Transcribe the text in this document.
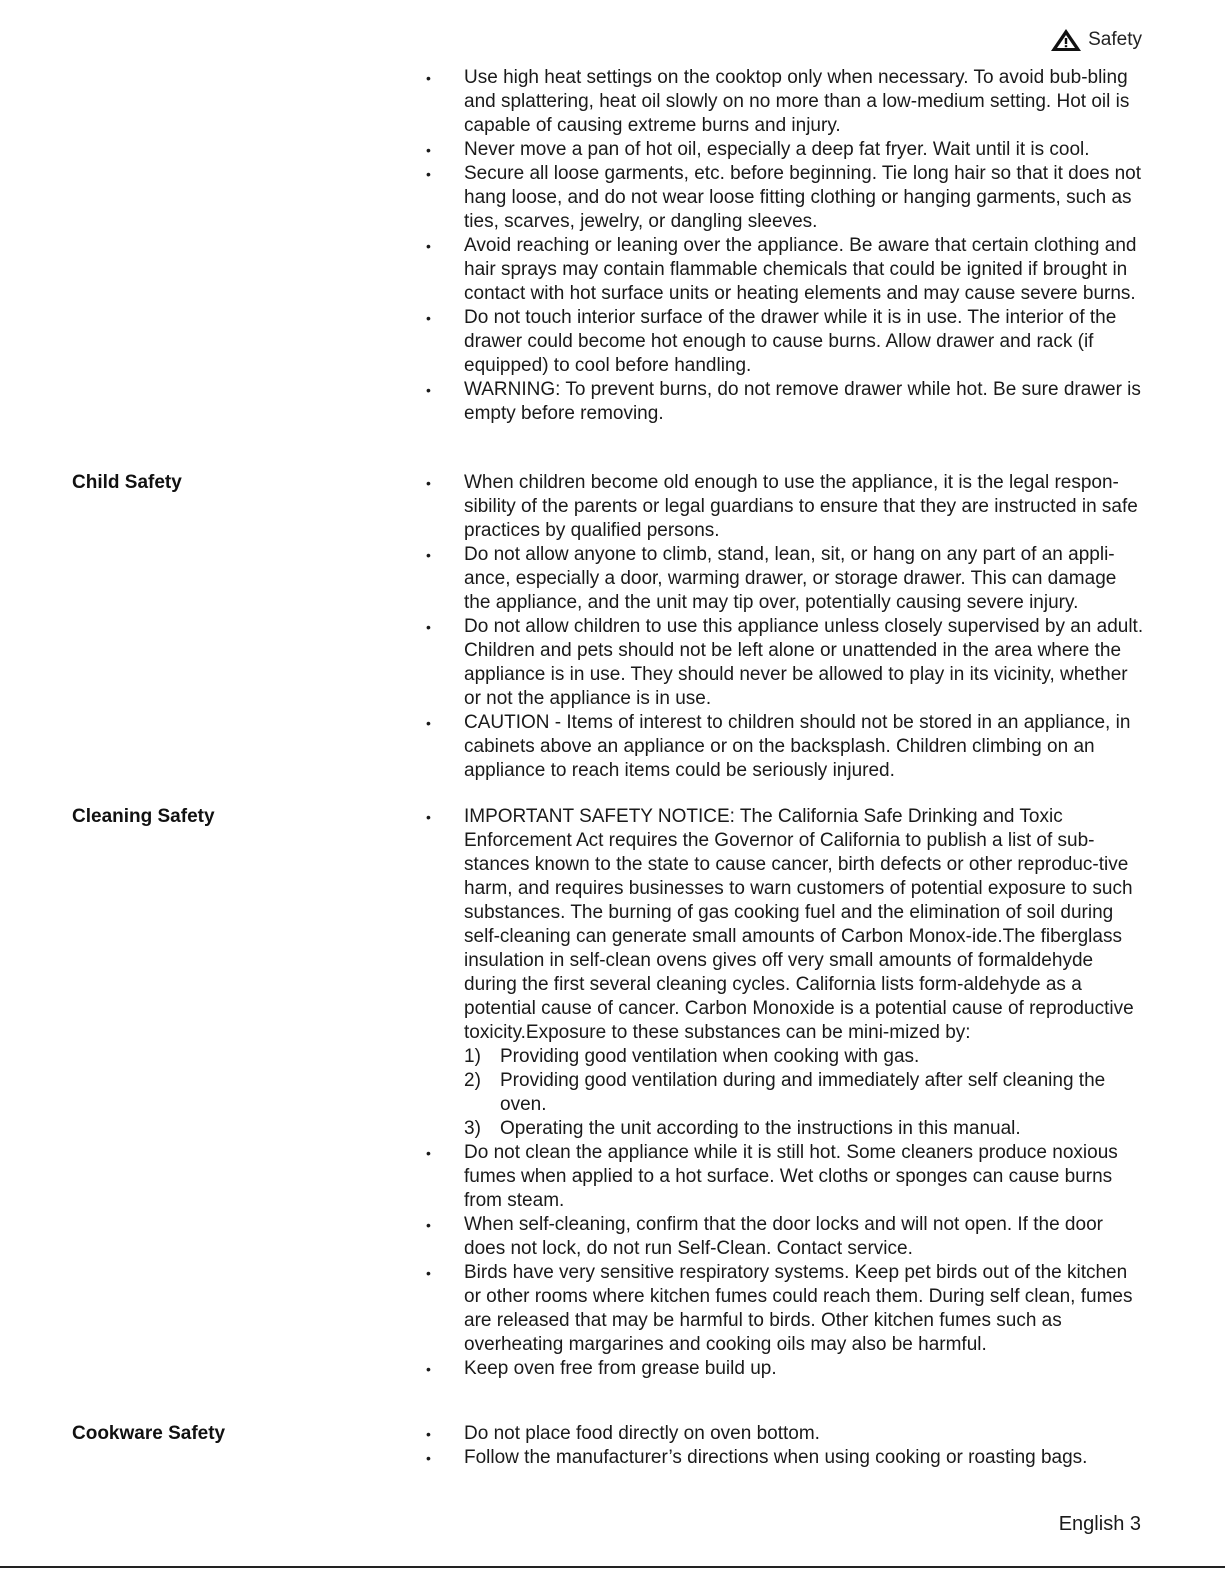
Safety
• Use high heat settings on the cooktop only when necessary. To avoid bub-bling and splattering, heat oil slowly on no more than a low-medium setting. Hot oil is capable of causing extreme burns and injury.
• Never move a pan of hot oil, especially a deep fat fryer. Wait until it is cool.
• Secure all loose garments, etc. before beginning. Tie long hair so that it does not hang loose, and do not wear loose fitting clothing or hanging garments, such as ties, scarves, jewelry, or dangling sleeves.
• Avoid reaching or leaning over the appliance. Be aware that certain clothing and hair sprays may contain flammable chemicals that could be ignited if brought in contact with hot surface units or heating elements and may cause severe burns.
• Do not touch interior surface of the drawer while it is in use. The interior of the drawer could become hot enough to cause burns. Allow drawer and rack (if equipped) to cool before handling.
• WARNING: To prevent burns, do not remove drawer while hot. Be sure drawer is empty before removing.
Child Safety	• When children become old enough to use the appliance, it is the legal respon-sibility of the parents or legal guardians to ensure that they are instructed in safe practices by qualified persons.
• Do not allow anyone to climb, stand, lean, sit, or hang on any part of an appli-ance, especially a door, warming drawer, or storage drawer. This can damage the appliance, and the unit may tip over, potentially causing severe injury.
• Do not allow children to use this appliance unless closely supervised by an adult. Children and pets should not be left alone or unattended in the area where the appliance is in use. They should never be allowed to play in its vicinity, whether or not the appliance is in use.
• CAUTION - Items of interest to children should not be stored in an appliance, in cabinets above an appliance or on the backsplash. Children climbing on an appliance to reach items could be seriously injured.
Cleaning Safety	• IMPORTANT SAFETY NOTICE: The California Safe Drinking and Toxic Enforcement Act requires the Governor of California to publish a list of sub-stances known to the state to cause cancer, birth defects or other reproduc-tive harm, and requires businesses to warn customers of potential exposure to such substances. The burning of gas cooking fuel and the elimination of soil during self-cleaning can generate small amounts of Carbon Monox-ide.The fiberglass insulation in self-clean ovens gives off very small amounts of formaldehyde during the first several cleaning cycles. California lists form-aldehyde as a potential cause of cancer. Carbon Monoxide is a potential cause of reproductive toxicity.Exposure to these substances can be mini-mized by:
1) Providing good ventilation when cooking with gas.
2) Providing good ventilation during and immediately after self cleaning the oven.
3) Operating the unit according to the instructions in this manual.
• Do not clean the appliance while it is still hot. Some cleaners produce noxious fumes when applied to a hot surface. Wet cloths or sponges can cause burns from steam.
• When self-cleaning, confirm that the door locks and will not open. If the door does not lock, do not run Self-Clean. Contact service.
• Birds have very sensitive respiratory systems. Keep pet birds out of the kitchen or other rooms where kitchen fumes could reach them. During self clean, fumes are released that may be harmful to birds. Other kitchen fumes such as overheating margarines and cooking oils may also be harmful.
• Keep oven free from grease build up.
Cookware Safety	• Do not place food directly on oven bottom.
• Follow the manufacturer’s directions when using cooking or roasting bags.
English 3
